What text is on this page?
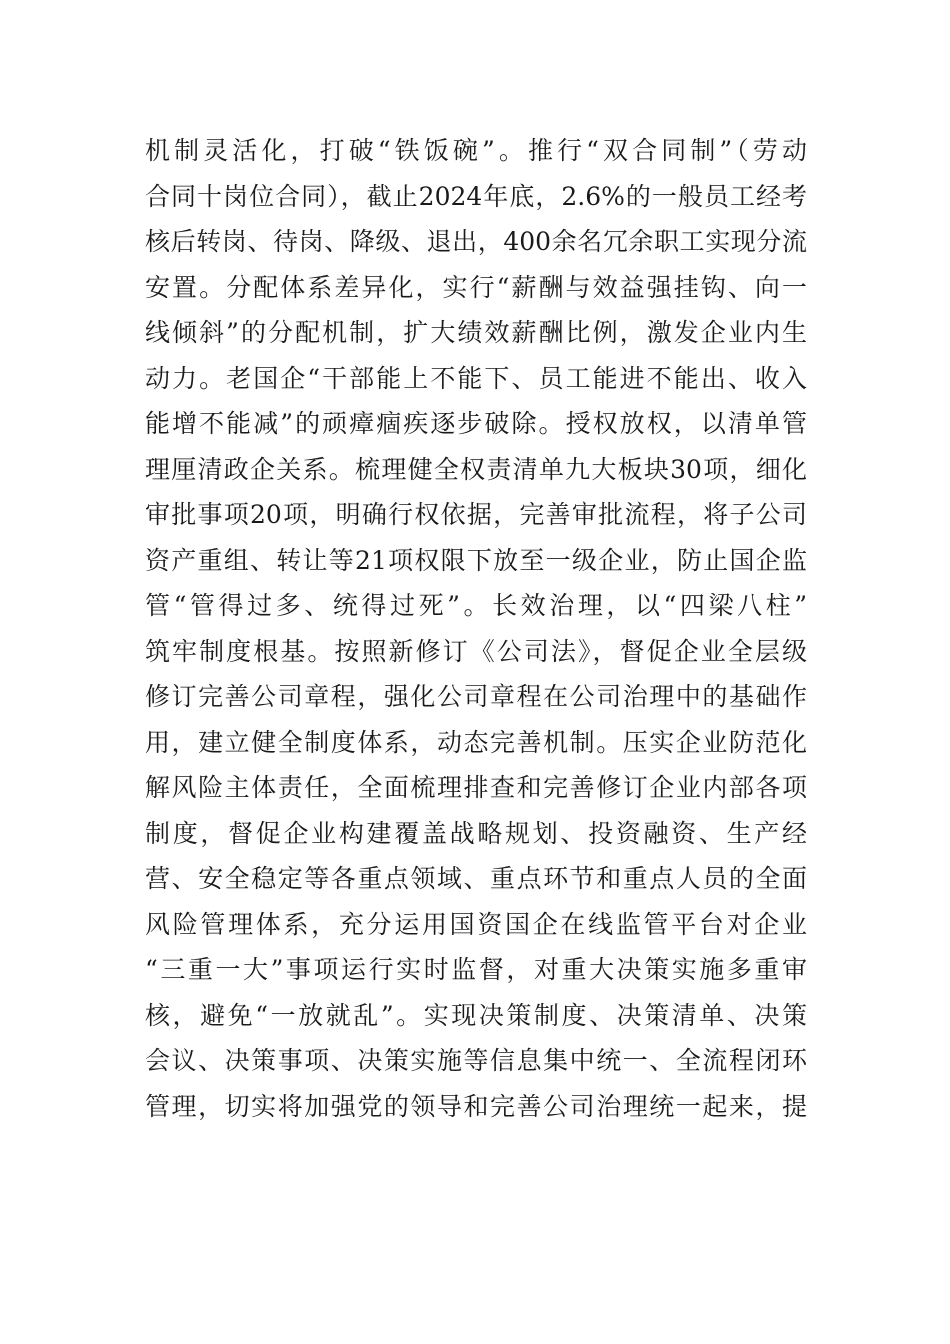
机制灵活化，打破“铁饭碗”。推行“双合同制”（劳动
合同十岗位合同），截止2024年底，2.6%的一般员工经考
核后转岗、待岗、降级、退出，400余名冗余职工实现分流
安置。分配体系差异化，实行“薪酬与效益强挂钩、向一
线倾斜”的分配机制，扩大绩效薪酬比例，激发企业内生
动力。老国企“干部能上不能下、员工能进不能出、收入
能增不能减”的顽瘴痼疾逐步破除。授权放权，以清单管
理厘清政企关系。梳理健全权责清单九大板块30项，细化
审批事项20项，明确行权依据，完善审批流程，将子公司
资产重组、转让等21项权限下放至一级企业，防止国企监
管“管得过多、统得过死”。长效治理，以“四梁八柱”
筑牢制度根基。按照新修订《公司法》，督促企业全层级
修订完善公司章程，强化公司章程在公司治理中的基础作
用，建立健全制度体系，动态完善机制。压实企业防范化
解风险主体责任，全面梳理排查和完善修订企业内部各项
制度，督促企业构建覆盖战略规划、投资融资、生产经
营、安全稳定等各重点领域、重点环节和重点人员的全面
风险管理体系，充分运用国资国企在线监管平台对企业
“三重一大”事项运行实时监督，对重大决策实施多重审
核，避免“一放就乱”。实现决策制度、决策清单、决策
会议、决策事项、决策实施等信息集中统一、全流程闭环
管理，切实将加强党的领导和完善公司治理统一起来，提
